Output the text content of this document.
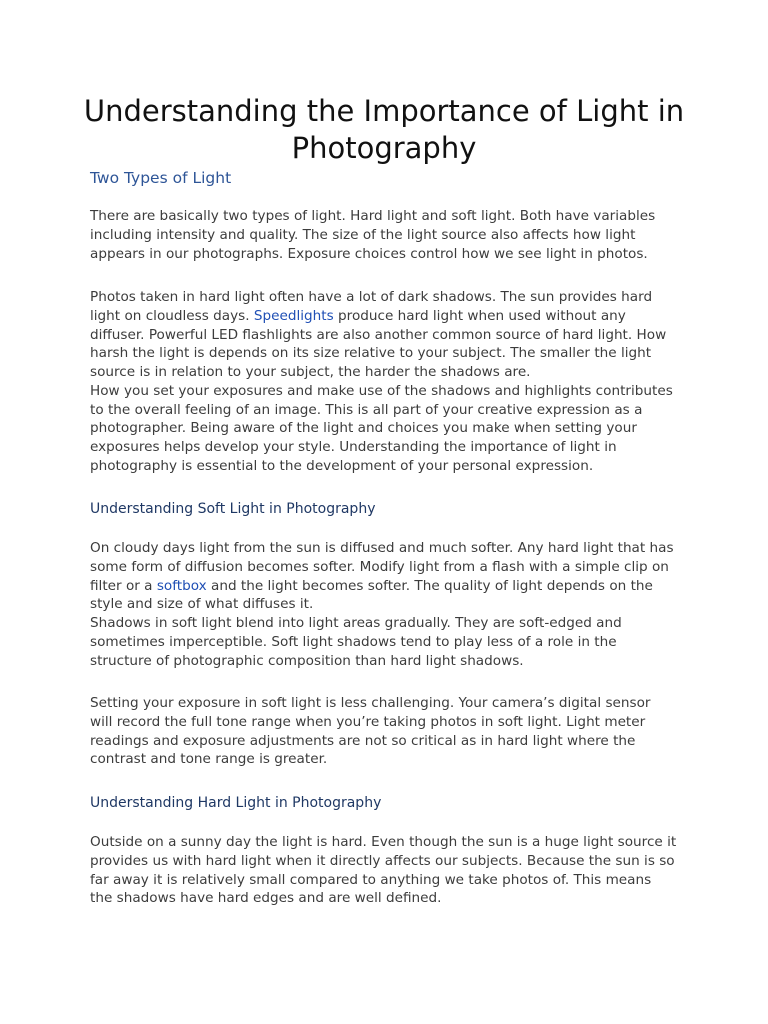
Understanding the Importance of Light in
Photography
Two Types of Light

There are basically two types of light. Hard light and soft light. Both have variables
including intensity and quality. The size of the light source also affects how light
appears in our photographs. Exposure choices control how we see light in photos.

Photos taken in hard light often have a lot of dark shadows. The sun provides hard
light on cloudless days. Speedlights produce hard light when used without any
diffuser. Powerful LED flashlights are also another common source of hard light. How
harsh the light is depends on its size relative to your subject. The smaller the light
source is in relation to your subject, the harder the shadows are.
How you set your exposures and make use of the shadows and highlights contributes
to the overall feeling of an image. This is all part of your creative expression as a
photographer. Being aware of the light and choices you make when setting your
exposures helps develop your style. Understanding the importance of light in
photography is essential to the development of your personal expression.

Understanding Soft Light in Photography

On cloudy days light from the sun is diffused and much softer. Any hard light that has
some form of diffusion becomes softer. Modify light from a flash with a simple clip on
filter or a softbox and the light becomes softer. The quality of light depends on the
style and size of what diffuses it.
Shadows in soft light blend into light areas gradually. They are soft-edged and
sometimes imperceptible. Soft light shadows tend to play less of a role in the
structure of photographic composition than hard light shadows.

Setting your exposure in soft light is less challenging. Your camera’s digital sensor
will record the full tone range when you’re taking photos in soft light. Light meter
readings and exposure adjustments are not so critical as in hard light where the
contrast and tone range is greater.

Understanding Hard Light in Photography

Outside on a sunny day the light is hard. Even though the sun is a huge light source it
provides us with hard light when it directly affects our subjects. Because the sun is so
far away it is relatively small compared to anything we take photos of. This means
the shadows have hard edges and are well defined.
